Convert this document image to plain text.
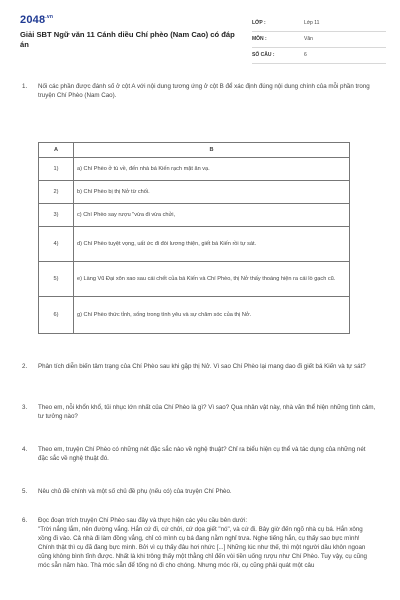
$2048^{.vn}$
Giải SBT Ngữ văn 11 Cánh diều Chí phèo (Nam Cao) có đáp án
LỚP :	Lớp 11
MÔN :	Văn
SỐ CÂU :	6
1.	Nối các phần được đánh số ở cột A với nội dung tương ứng ở cột B để xác định đúng nội dung chính của mỗi phần trong truyện Chí Phèo (Nam Cao).
A	B
1)	a) Chí Phèo ở tù về, đến nhà bá Kiến rạch mặt ăn vạ.
2)	b) Chí Phèo bị thị Nở từ chối.
3)	c) Chí Phèo say rượu "vừa đi vừa chửi,
4)	d) Chí Phèo tuyệt vọng, uất ức đi đòi lương thiện, giết bá Kiến rồi tự sát.
5)	e) Làng Vũ Đại xôn xao sau cái chết của bá Kiến và Chí Phèo, thị Nở thấy thoáng hiện ra cái lò gạch cũ.
6)	g) Chí Phèo thức tỉnh, sống trong tình yêu và sự chăm sóc của thị Nở.
2.	Phân tích diễn biến tâm trạng của Chí Phèo sau khi gặp thị Nở. Vì sao Chí Phèo lại mang dao đi giết bá Kiến và tự sát?
3.	Theo em, nỗi khổn khổ, tủi nhục lớn nhất của Chí Phèo là gì? Vì sao? Qua nhân vật này, nhà văn thể hiện những tình cảm, tư tưởng nào?
4.	Theo em, truyện Chí Phèo có những nét đặc sắc nào về nghệ thuật? Chỉ ra biểu hiện cụ thể và tác dụng của những nét đặc sắc về nghệ thuật đó.
5.	Nêu chủ đề chính và một số chủ đề phụ (nếu có) của truyện Chí Phèo.
6.	Đọc đoạn trích truyện Chí Phèo sau đây và thực hiện các yêu cầu bên dưới:
"Trời nắng lắm, nên đường vắng. Hắn cứ đi, cứ chửi, cứ dọa giết "nó", và cứ đi. Bây giờ đến ngõ nhà cụ bá. Hắn xông xồng đi vào. Cả nhà đi làm đồng vắng, chỉ có mình cụ bá đang nằm nghỉ trưa. Nghe tiếng hắn, cụ thấy sao bực mình! Chính thật thì cụ đã đang bực mình. Bởi vì cụ thấy đâu hơi nhức [...] Những lúc như thế, thì một người dầu khôn ngoan cũng không bình tĩnh được. Nhất là khi trông thấy một thằng chỉ đến vòi tiền uống rượu như Chí Phèo. Tuy vậy, cụ cũng móc sẵn năm hào. Thà móc sẵn để tống nó đi cho chóng. Nhưng móc rồi, cụ cũng phải quát một câu
